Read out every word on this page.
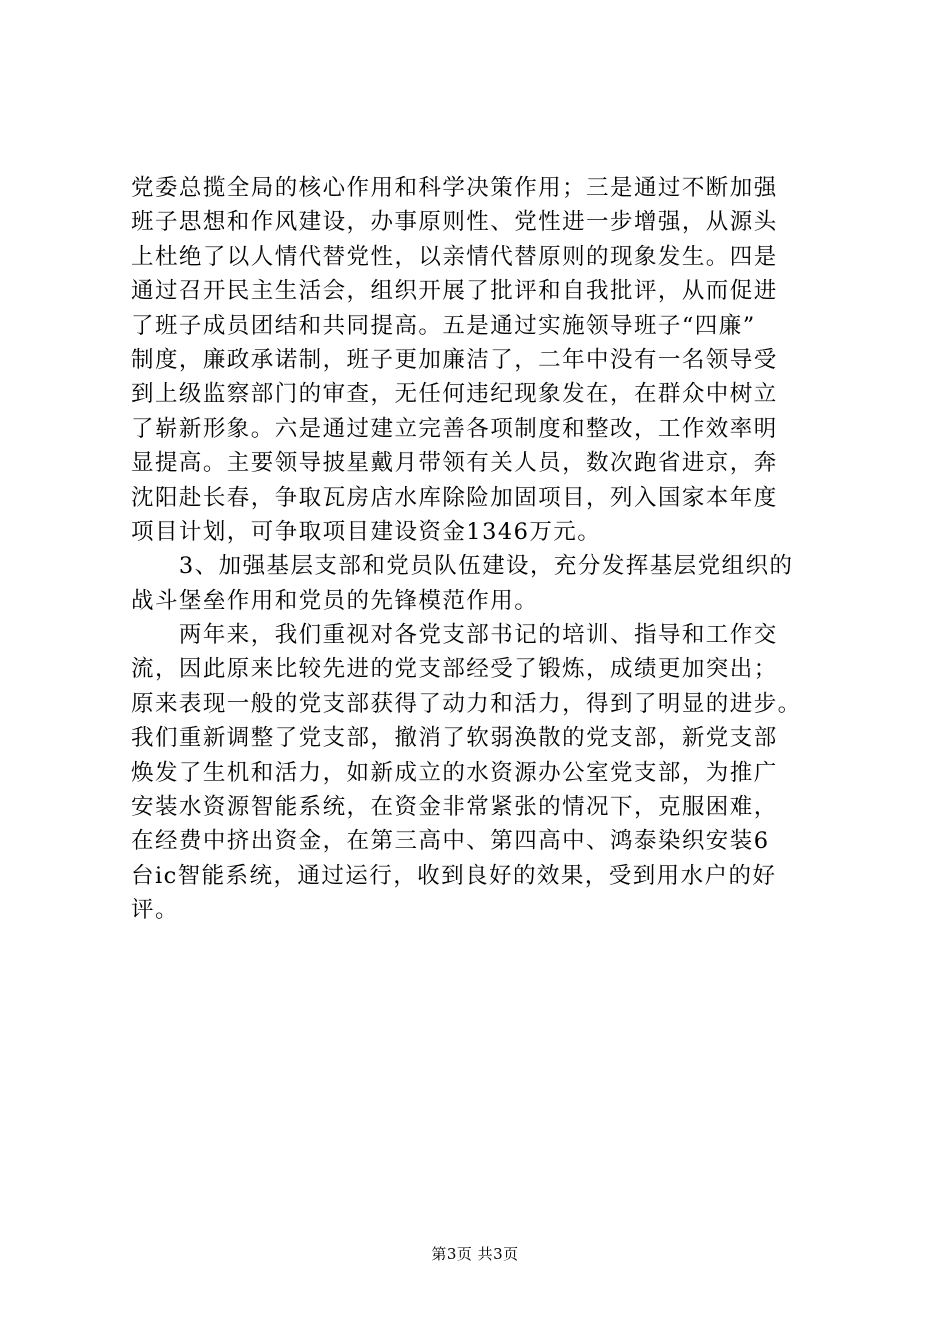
党委总揽全局的核心作用和科学决策作用；三是通过不断加强
班子思想和作风建设，办事原则性、党性进一步增强，从源头
上杜绝了以人情代替党性，以亲情代替原则的现象发生。四是
通过召开民主生活会，组织开展了批评和自我批评，从而促进
了班子成员团结和共同提高。五是通过实施领导班子“四廉”
制度，廉政承诺制，班子更加廉洁了，二年中没有一名领导受
到上级监察部门的审查，无任何违纪现象发在，在群众中树立
了崭新形象。六是通过建立完善各项制度和整改，工作效率明
显提高。主要领导披星戴月带领有关人员，数次跑省进京，奔
沈阳赴长春，争取瓦房店水库除险加固项目，列入国家本年度
项目计划，可争取项目建设资金1346万元。
　　3、加强基层支部和党员队伍建设，充分发挥基层党组织的
战斗堡垒作用和党员的先锋模范作用。
　　两年来，我们重视对各党支部书记的培训、指导和工作交
流，因此原来比较先进的党支部经受了锻炼，成绩更加突出；
原来表现一般的党支部获得了动力和活力，得到了明显的进步。
我们重新调整了党支部，撤消了软弱涣散的党支部，新党支部
焕发了生机和活力，如新成立的水资源办公室党支部，为推广
安装水资源智能系统，在资金非常紧张的情况下，克服困难，
在经费中挤出资金，在第三高中、第四高中、鸿泰染织安装6
台ic智能系统，通过运行，收到良好的效果，受到用水户的好
评。
第3页 共3页
